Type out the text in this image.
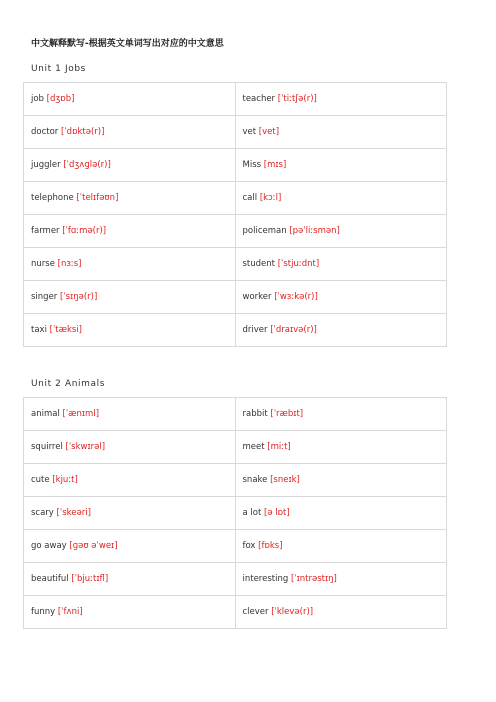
中文解释默写-根据英文单词写出对应的中文意思
Unit 1 Jobs
job [dʒɒb]	teacher [ˈtiːtʃə(r)]
doctor [ˈdɒktə(r)]	vet [vet]
juggler [ˈdʒʌɡlə(r)]	Miss [mɪs]
telephone [ˈtelɪfəʊn]	call [kɔːl]
farmer [ˈfɑːmə(r)]	policeman [pəˈliːsmən]
nurse [nɜːs]	student [ˈstjuːdnt]
singer [ˈsɪŋə(r)]	worker [ˈwɜːkə(r)]
taxi [ˈtæksi]	driver [ˈdraɪvə(r)]
Unit 2 Animals
animal [ˈænɪml]	rabbit [ˈræbɪt]
squirrel [ˈskwɪrəl]	meet [miːt]
cute [kjuːt]	snake [sneɪk]
scary [ˈskeəri]	a lot [ə lɒt]
go away [ɡəʊ əˈweɪ]	fox [fɒks]
beautiful [ˈbjuːtɪfl]	interesting [ˈɪntrəstɪŋ]
funny [ˈfʌni]	clever [ˈklevə(r)]
